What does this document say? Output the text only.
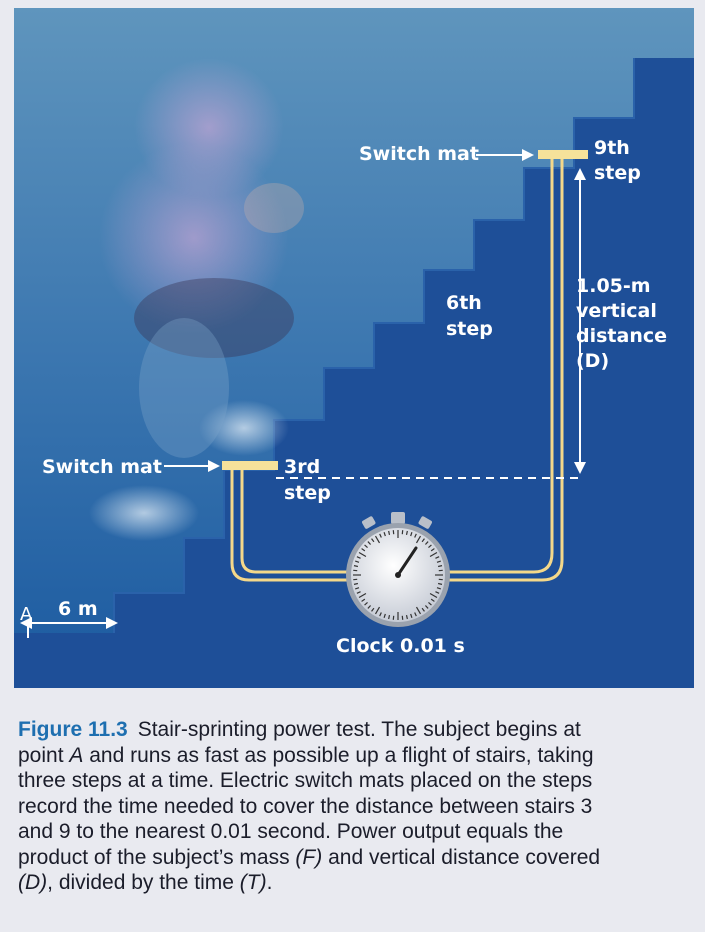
Switch mat	9th
step
6th
step
1.05-m
vertical
distance
(D)
Switch mat	3rd
step
A 6 m
Clock 0.01 s
Figure 11.3 Stair-sprinting power test. The subject begins at
point A and runs as fast as possible up a flight of stairs, taking
three steps at a time. Electric switch mats placed on the steps
record the time needed to cover the distance between stairs 3
and 9 to the nearest 0.01 second. Power output equals the
product of the subject’s mass (F) and vertical distance covered
(D), divided by the time (T).
